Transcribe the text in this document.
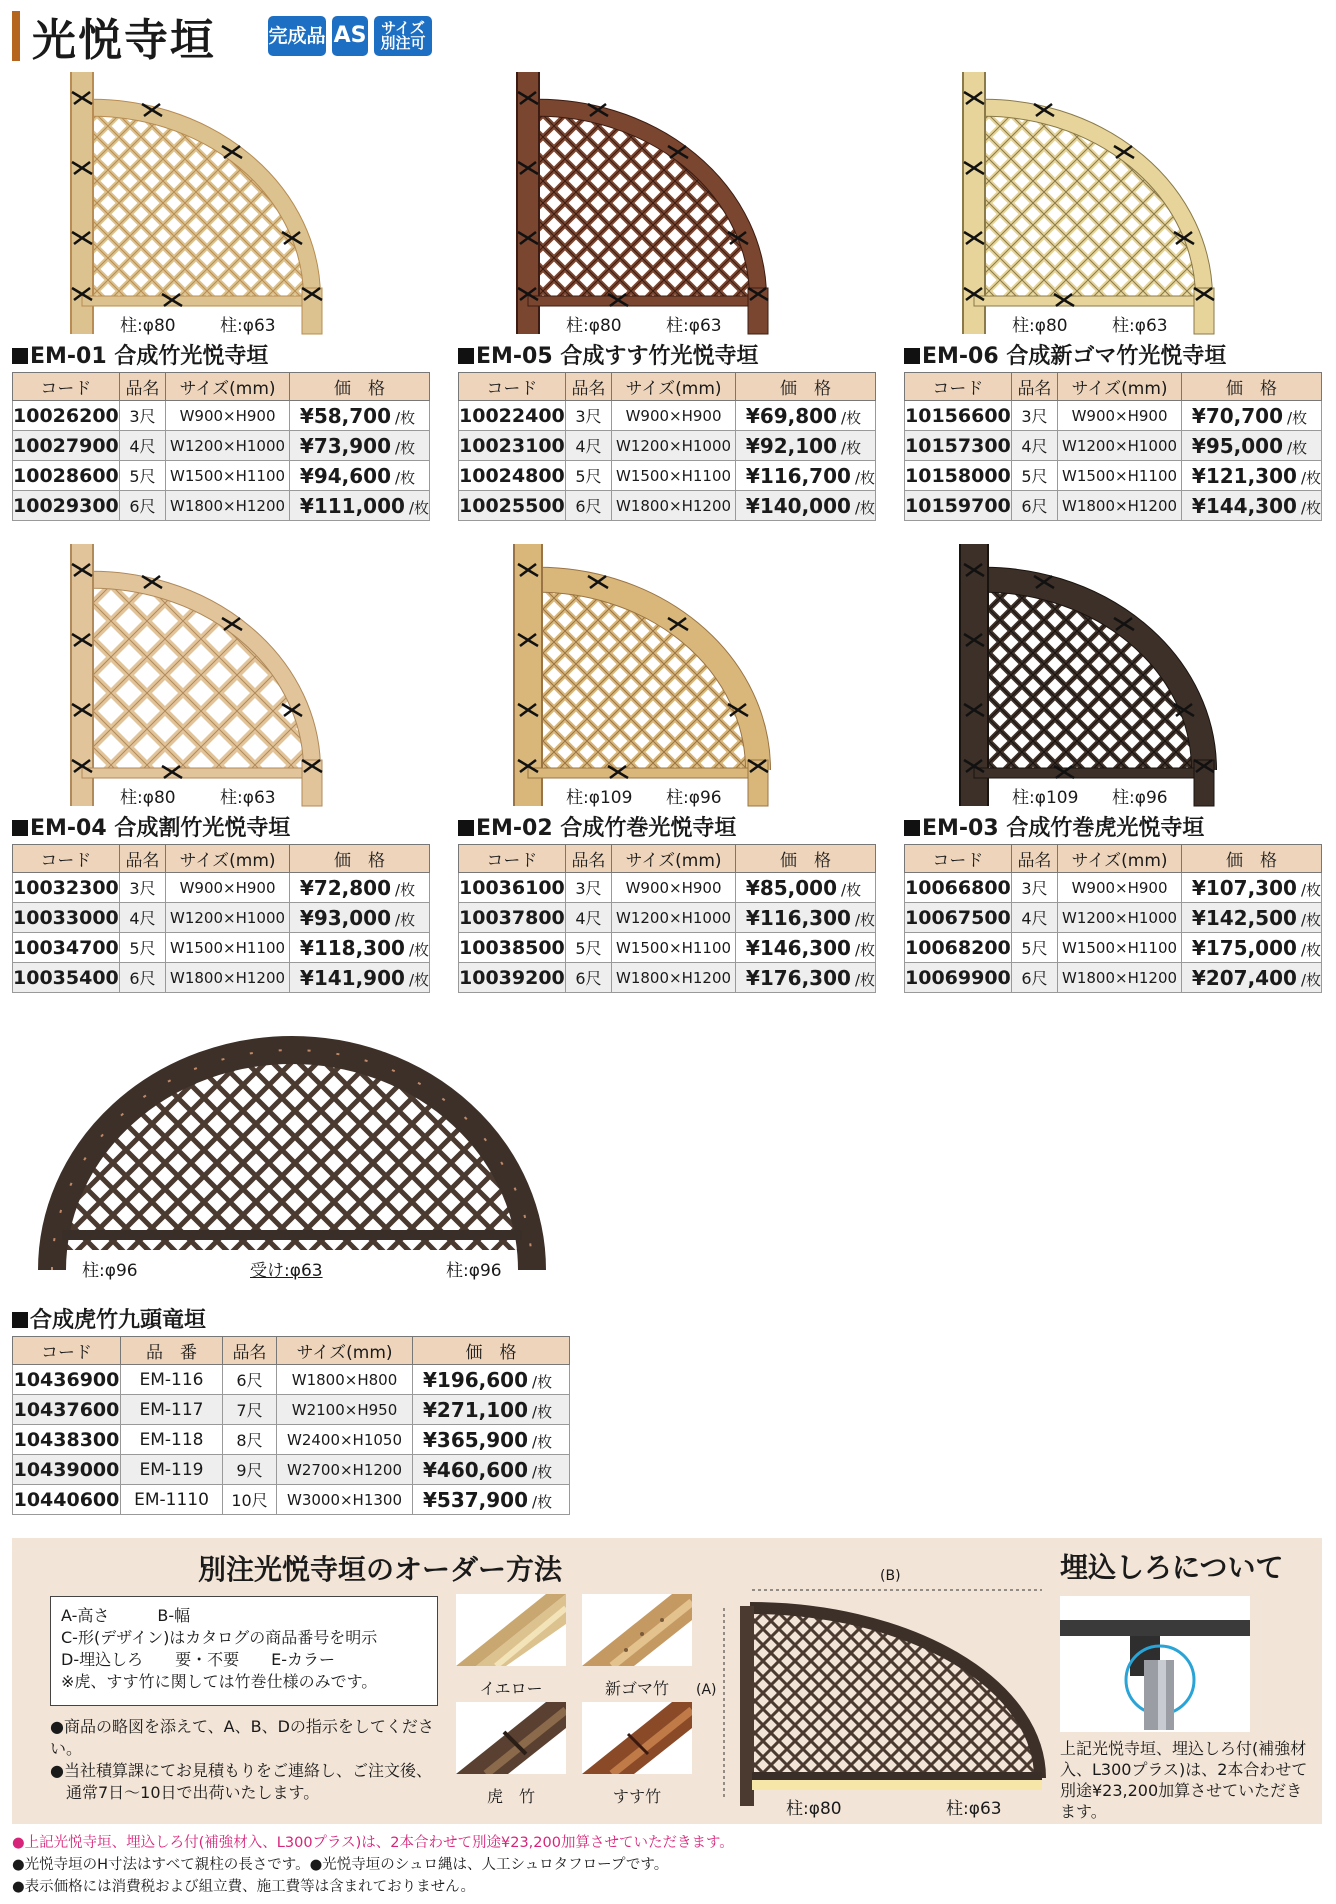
光悦寺垣	完成品 AS サイズ
別注可
柱:φ80	柱:φ63
EM-01 合成竹光悦寺垣
コード	品名	サイズ(mm)	価　格
10026200	3尺	W900×H900	¥58,700 /枚
10027900	4尺	W1200×H1000	¥73,900 /枚
10028600	5尺	W1500×H1100	¥94,600 /枚
10029300	6尺	W1800×H1200	¥111,000 /枚
柱:φ80	柱:φ63
EM-05 合成すす竹光悦寺垣
コード	品名	サイズ(mm)	価　格
10022400	3尺	W900×H900	¥69,800 /枚
10023100	4尺	W1200×H1000	¥92,100 /枚
10024800	5尺	W1500×H1100	¥116,700 /枚
10025500	6尺	W1800×H1200	¥140,000 /枚
柱:φ80	柱:φ63
EM-06 合成新ゴマ竹光悦寺垣
コード	品名	サイズ(mm)	価　格
10156600	3尺	W900×H900	¥70,700 /枚
10157300	4尺	W1200×H1000	¥95,000 /枚
10158000	5尺	W1500×H1100	¥121,300 /枚
10159700	6尺	W1800×H1200	¥144,300 /枚
柱:φ80	柱:φ63
EM-04 合成割竹光悦寺垣
コード	品名	サイズ(mm)	価　格
10032300	3尺	W900×H900	¥72,800 /枚
10033000	4尺	W1200×H1000	¥93,000 /枚
10034700	5尺	W1500×H1100	¥118,300 /枚
10035400	6尺	W1800×H1200	¥141,900 /枚
柱:φ109 柱:φ96
EM-02 合成竹巻光悦寺垣
コード	品名	サイズ(mm)	価　格
10036100	3尺	W900×H900	¥85,000 /枚
10037800	4尺	W1200×H1000	¥116,300 /枚
10038500	5尺	W1500×H1100	¥146,300 /枚
10039200	6尺	W1800×H1200	¥176,300 /枚
柱:φ109 柱:φ96
EM-03 合成竹巻虎光悦寺垣
コード	品名	サイズ(mm)	価　格
10066800	3尺	W900×H900	¥107,300 /枚
10067500	4尺	W1200×H1000	¥142,500 /枚
10068200	5尺	W1500×H1100	¥175,000 /枚
10069900	6尺	W1800×H1200	¥207,400 /枚
柱:φ96	受け:φ63	柱:φ96
合成虎竹九頭竜垣
コード	品　番	品名	サイズ(mm)	価　格
10436900	EM-116	6尺	W1800×H800	¥196,600 /枚
10437600	EM-117	7尺	W2100×H950	¥271,100 /枚
10438300	EM-118	8尺	W2400×H1050	¥365,900 /枚
10439000	EM-119	9尺	W2700×H1200	¥460,600 /枚
10440600	EM-1110	10尺	W3000×H1300	¥537,900 /枚
別注光悦寺垣のオーダー方法
A-高さ　　　B-幅
C-形(デザイン)はカタログの商品番号を明示
D-埋込しろ　　要・不要　　E-カラー
※虎、すす竹に関しては竹巻仕様のみです。
●商品の略図を添えて、A、B、Dの指示をしてください。
●当社積算課にてお見積もりをご連絡し、ご注文後、
　通常7日〜10日で出荷いたします。
イエロー	新ゴマ竹
虎　竹	すす竹
(B)
(A)
柱:φ80	柱:φ63
埋込しろについて
上記光悦寺垣、埋込しろ付(補強材入、L300プラス)は、2本合わせて別途¥23,200加算させていただきます。
●上記光悦寺垣、埋込しろ付(補強材入、L300プラス)は、2本合わせて別途¥23,200加算させていただきます。
●光悦寺垣のH寸法はすべて親柱の長さです。●光悦寺垣のシュロ縄は、人工シュロタフロープです。
●表示価格には消費税および組立費、施工費等は含まれておりません。
